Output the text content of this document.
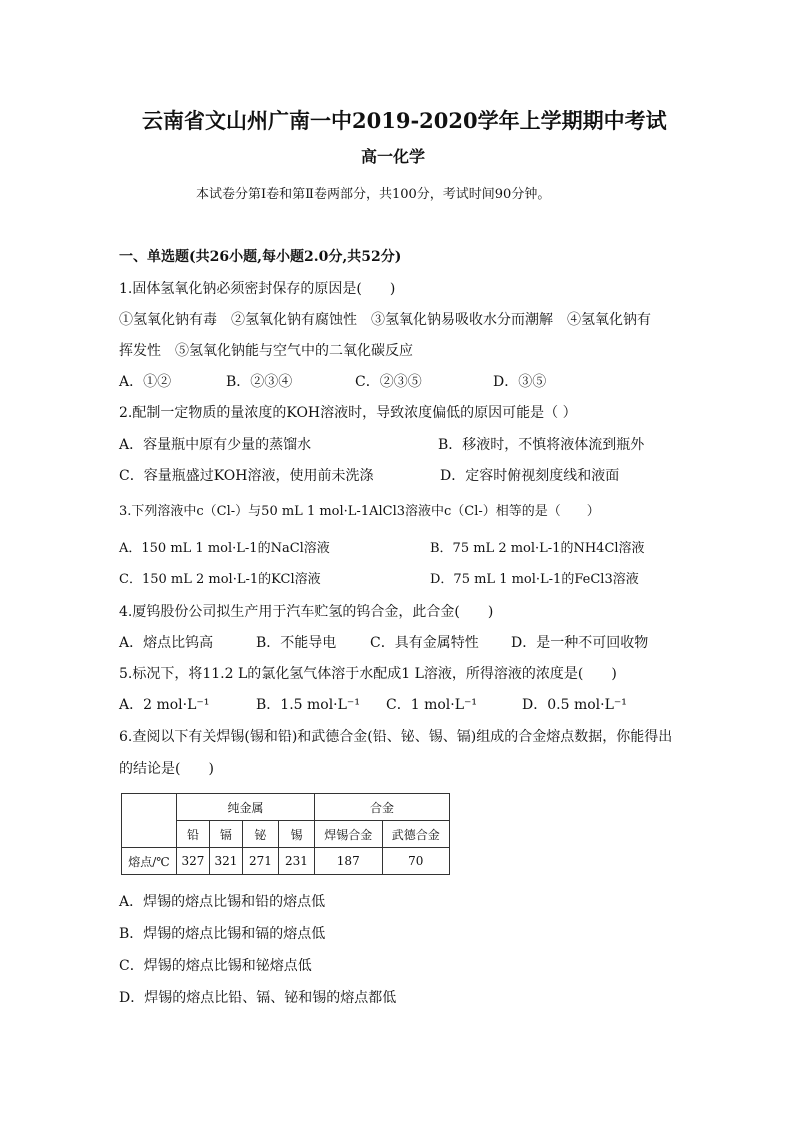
云南省文山州广南一中2019-2020学年上学期期中考试
高一化学
本试卷分第Ⅰ卷和第Ⅱ卷两部分，共100分，考试时间90分钟。
一、单选题(共26小题,每小题2.0分,共52分)
1.固体氢氧化钠必须密封保存的原因是(　　)
①氢氧化钠有毒　②氢氧化钠有腐蚀性　③氢氧化钠易吸收水分而潮解　④氢氧化钠有
挥发性　⑤氢氧化钠能与空气中的二氧化碳反应
A．①②	B．②③④	C．②③⑤	D．③⑤
2.配制一定物质的量浓度的KOH溶液时，导致浓度偏低的原因可能是（ ）
A．容量瓶中原有少量的蒸馏水	B．移液时，不慎将液体流到瓶外
C．容量瓶盛过KOH溶液，使用前未洗涤	D．定容时俯视刻度线和液面
3.下列溶液中c（Cl-）与50 mL 1 mol·L-1AlCl3溶液中c（Cl-）相等的是（　　）
A．150 mL 1 mol·L-1的NaCl溶液	B．75 mL 2 mol·L-1的NH4Cl溶液
C．150 mL 2 mol·L-1的KCl溶液	D．75 mL 1 mol·L-1的FeCl3溶液
4.厦钨股份公司拟生产用于汽车贮氢的钨合金，此合金(　　)
A．熔点比钨高	B．不能导电 C．具有金属特性 D．是一种不可回收物
5.标况下，将11.2 L的氯化氢气体溶于水配成1 L溶液，所得溶液的浓度是(　　)
A．2 mol·L⁻¹	B．1.5 mol·L⁻¹ C．1 mol·L⁻¹	D．0.5 mol·L⁻¹
6.查阅以下有关焊锡(锡和铅)和武德合金(铅、铋、锡、镉)组成的合金熔点数据，你能得出
的结论是(　　)
	纯金属				合金	
	铅	镉	铋	锡	焊锡合金	武德合金
熔点/℃	327	321	271	231	187	70
A．焊锡的熔点比锡和铅的熔点低
B．焊锡的熔点比锡和镉的熔点低
C．焊锡的熔点比锡和铋熔点低
D．焊锡的熔点比铅、镉、铋和锡的熔点都低
